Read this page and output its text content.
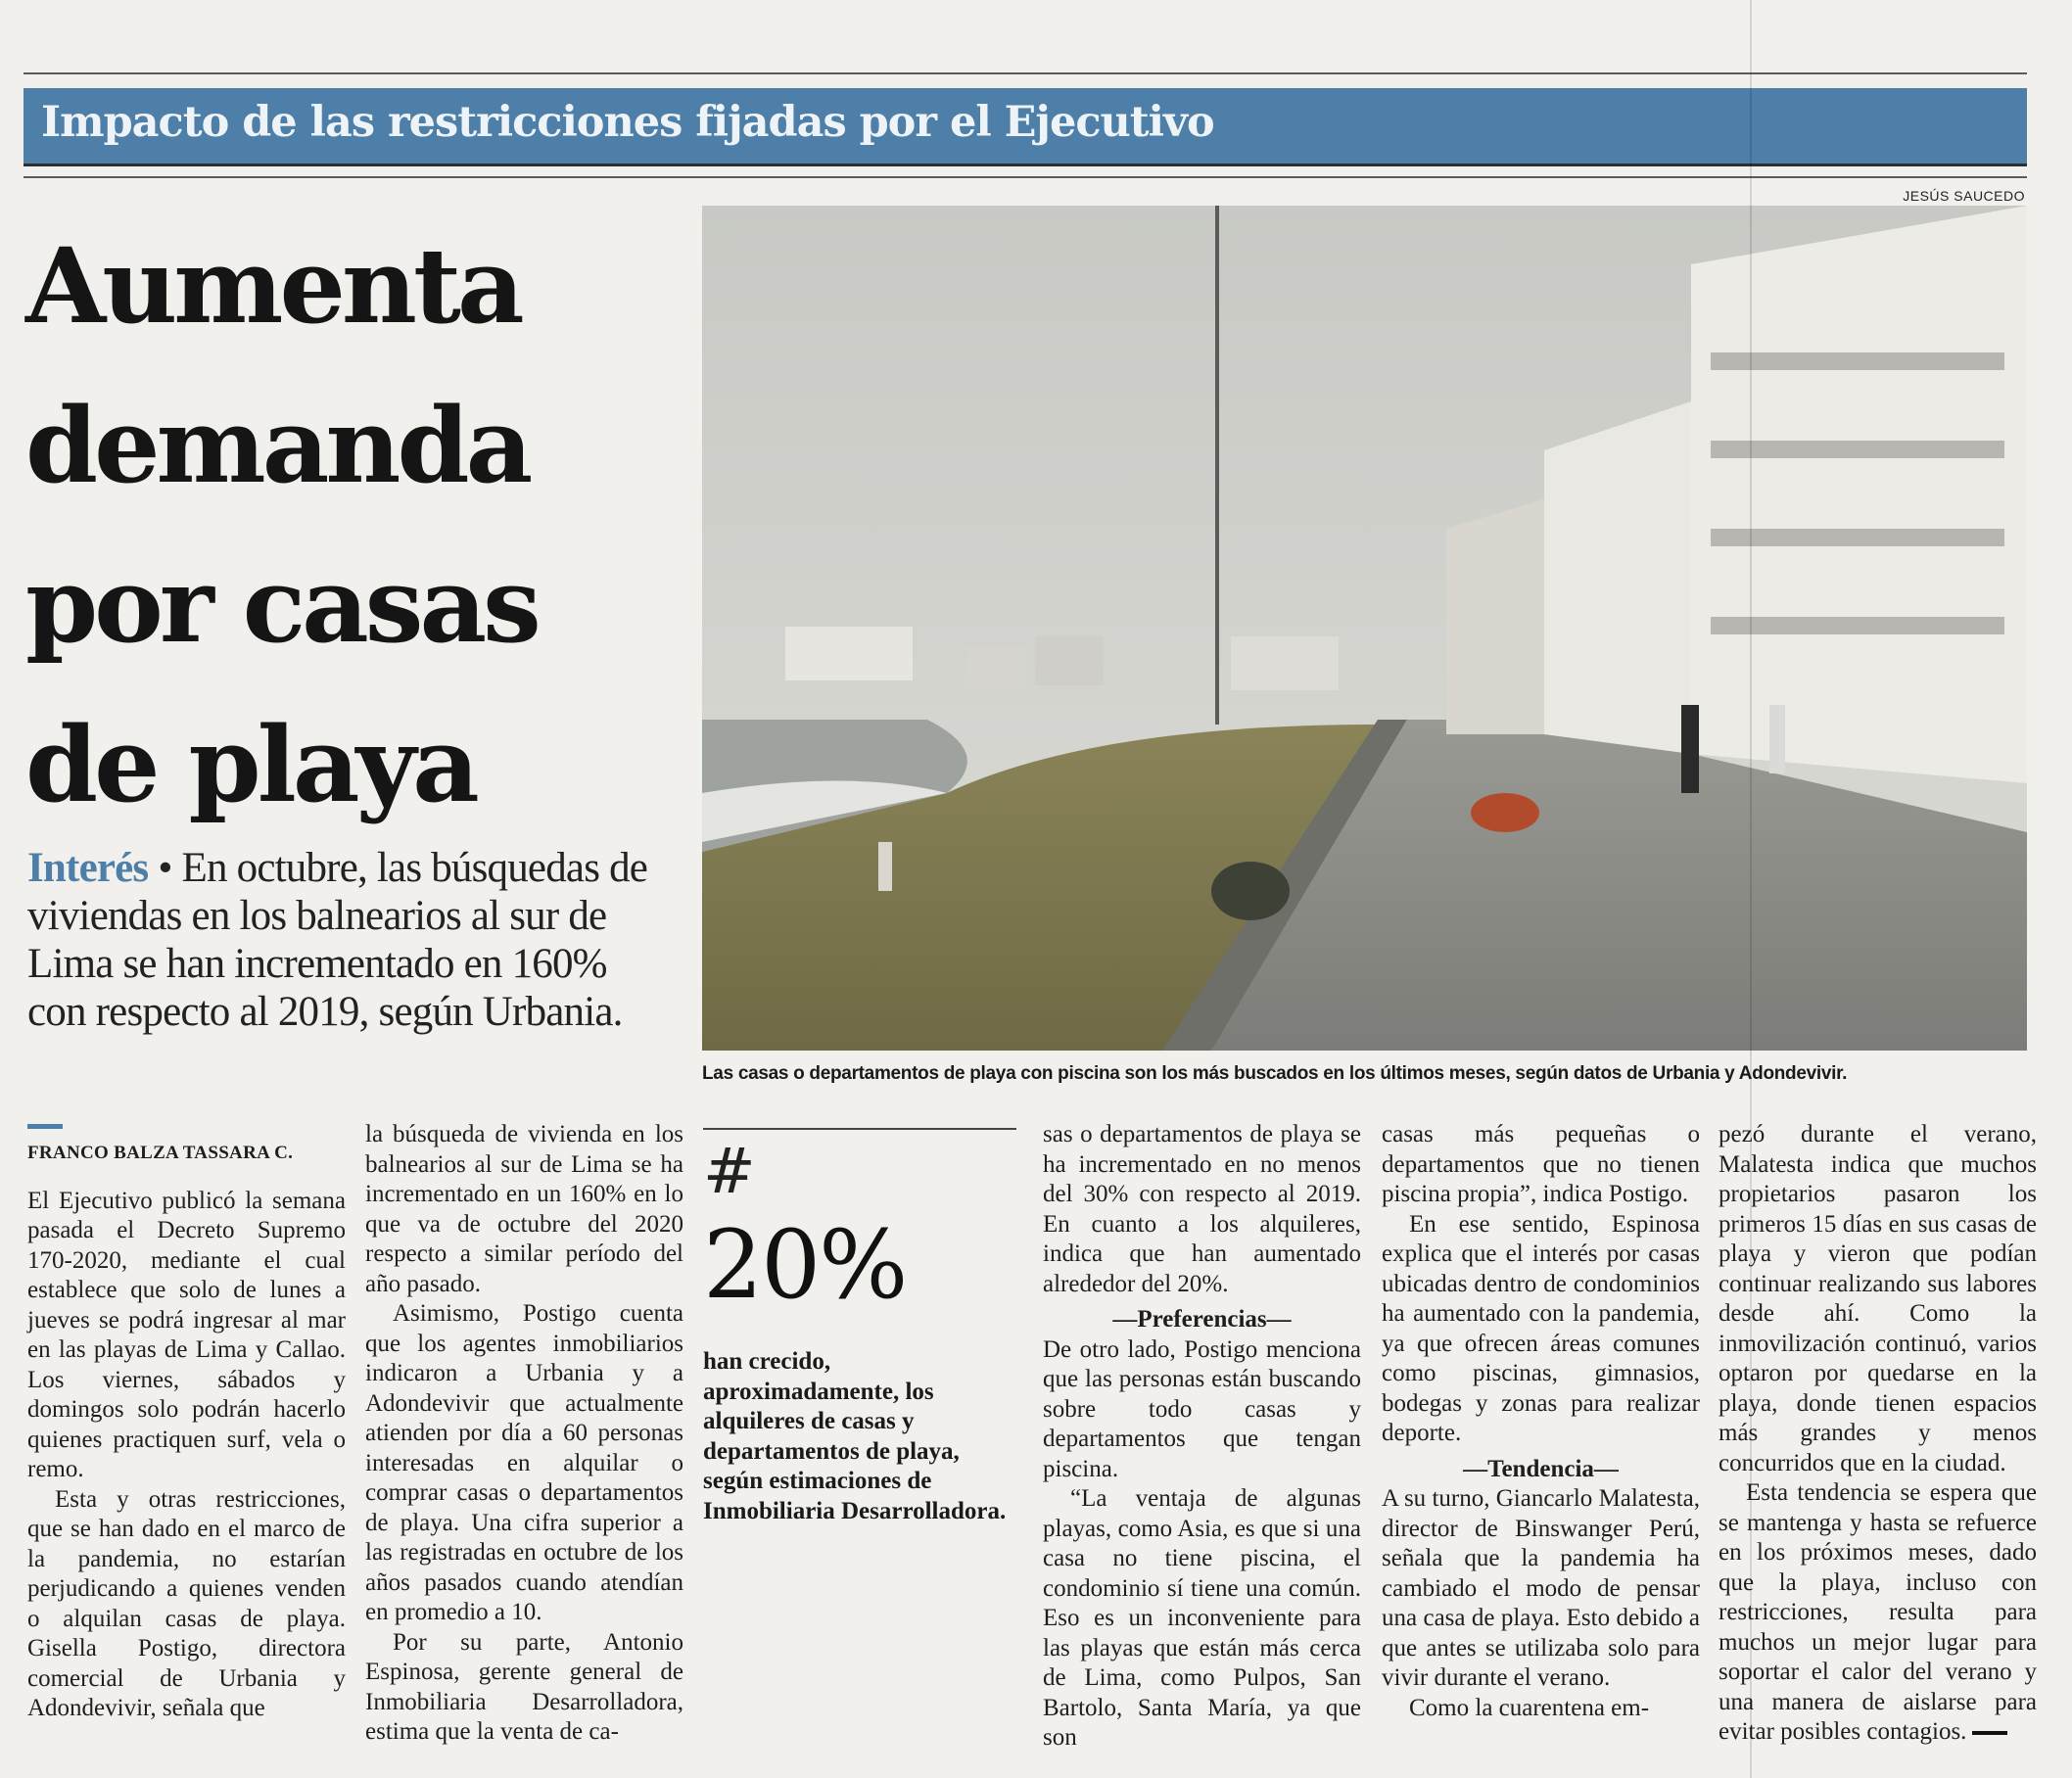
Impacto de las restricciones fijadas por el Ejecutivo
Aumenta
demanda
por casas
de playa
Interés • En octubre, las búsquedas de viviendas en los balnearios al sur de Lima se han incrementado en 160% con respecto al 2019, según Urbania.
JESÚS SAUCEDO
Las casas o departamentos de playa con piscina son los más buscados en los últimos meses, según datos de Urbania y Adondevivir.
FRANCO BALZA TASSARA C.

El Ejecutivo publicó la semana pasada el Decreto Supremo 170-2020, mediante el cual establece que solo de lunes a jueves se podrá ingresar al mar en las playas de Lima y Callao. Los viernes, sábados y domingos solo podrán hacerlo quienes practiquen surf, vela o remo.

Esta y otras restricciones, que se han dado en el marco de la pandemia, no estarían perjudicando a quienes venden o alquilan casas de playa. Gisella Postigo, directora comercial de Urbania y Adondevivir, señala que

la búsqueda de vivienda en los balnearios al sur de Lima se ha incrementado en un 160% en lo que va de octubre del 2020 respecto a similar período del año pasado.

Asimismo, Postigo cuenta que los agentes inmobiliarios indicaron a Urbania y a Adondevivir que actualmente atienden por día a 60 personas interesadas en alquilar o comprar casas o departamentos de playa. Una cifra superior a las registradas en octubre de los años pasados cuando atendían en promedio a 10.

Por su parte, Antonio Espinosa, gerente general de Inmobiliaria Desarrolladora, estima que la venta de ca-

#
20%
han crecido, aproximadamente, los alquileres de casas y departamentos de playa, según estimaciones de Inmobiliaria Desarrolladora.

sas o departamentos de playa se ha incrementado en no menos del 30% con respecto al 2019. En cuanto a los alquileres, indica que han aumentado alrededor del 20%.

—Preferencias—

De otro lado, Postigo menciona que las personas están buscando sobre todo casas y departamentos que tengan piscina.

“La ventaja de algunas playas, como Asia, es que si una casa no tiene piscina, el condominio sí tiene una común. Eso es un inconveniente para las playas que están más cerca de Lima, como Pulpos, San Bartolo, Santa María, ya que son

casas más pequeñas o departamentos que no tienen piscina propia”, indica Postigo.

En ese sentido, Espinosa explica que el interés por casas ubicadas dentro de condominios ha aumentado con la pandemia, ya que ofrecen áreas comunes como piscinas, gimnasios, bodegas y zonas para realizar deporte.

—Tendencia—

A su turno, Giancarlo Malatesta, director de Binswanger Perú, señala que la pandemia ha cambiado el modo de pensar una casa de playa. Esto debido a que antes se utilizaba solo para vivir durante el verano.

Como la cuarentena em-

pezó durante el verano, Malatesta indica que muchos propietarios pasaron los primeros 15 días en sus casas de playa y vieron que podían continuar realizando sus labores desde ahí. Como la inmovilización continuó, varios optaron por quedarse en la playa, donde tienen espacios más grandes y menos concurridos que en la ciudad.

Esta tendencia se espera que se mantenga y hasta se refuerce en los próximos meses, dado que la playa, incluso con restricciones, resulta para muchos un mejor lugar para soportar el calor del verano y una manera de aislarse para evitar posibles contagios.
